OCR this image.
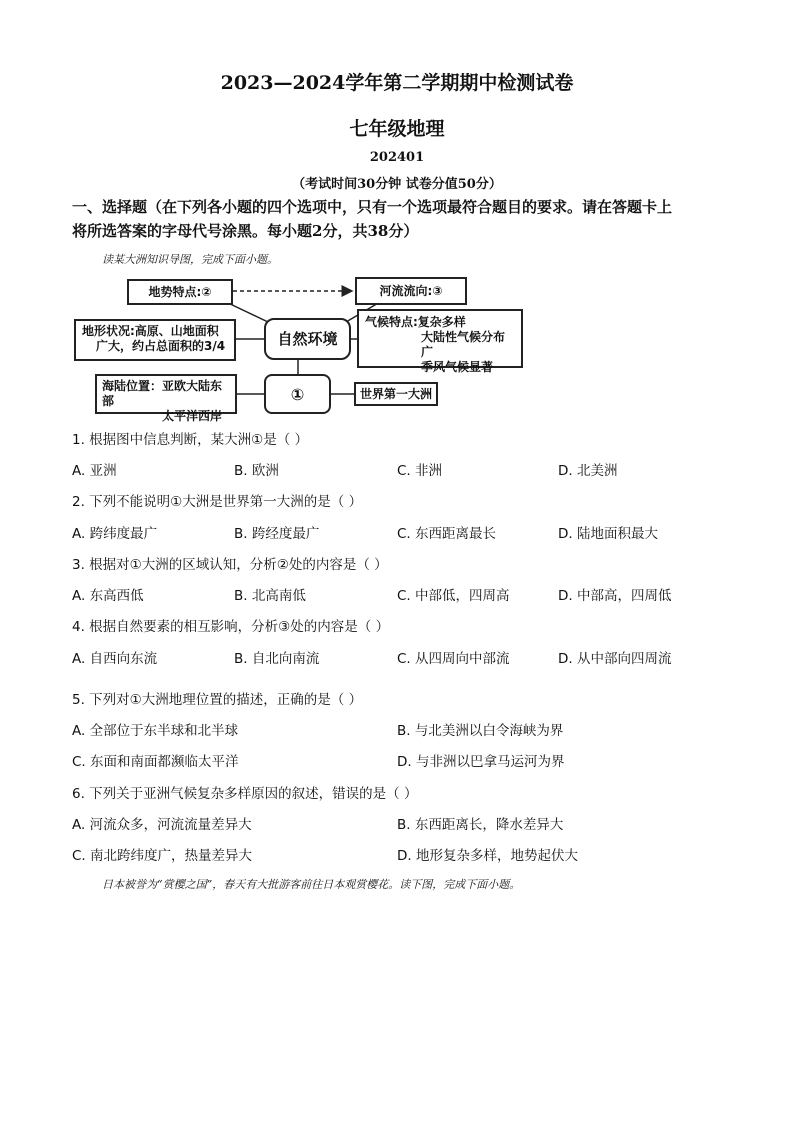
2023—2024学年第二学期期中检测试卷
七年级地理
202401
（考试时间30分钟 试卷分值50分）
一、选择题（在下列各小题的四个选项中，只有一个选项最符合题目的要求。请在答题卡上
将所选答案的字母代号涂黑。每小题2分，共38分）
读某大洲知识导图，完成下面小题。
地势特点:②	河流流向:③
地形状况:高原、山地面积
广大，约占总面积的3/4	自然环境
气候特点:复杂多样
大陆性气候分布广
季风气候显著
海陆位置：亚欧大陆东部
太平洋西岸
①	世界第一大洲
1. 根据图中信息判断，某大洲①是（ ）
A. 亚洲	B. 欧洲	C. 非洲	D. 北美洲
2. 下列不能说明①大洲是世界第一大洲的是（ ）
A. 跨纬度最广	B. 跨经度最广	C. 东西距离最长	D. 陆地面积最大
3. 根据对①大洲的区域认知，分析②处的内容是（ ）
A. 东高西低	B. 北高南低	C. 中部低，四周高	D. 中部高，四周低
4. 根据自然要素的相互影响，分析③处的内容是（ ）
A. 自西向东流	B. 自北向南流	C. 从四周向中部流	D. 从中部向四周流
5. 下列对①大洲地理位置的描述，正确的是（ ）
A. 全部位于东半球和北半球	B. 与北美洲以白令海峡为界
C. 东面和南面都濒临太平洋	D. 与非洲以巴拿马运河为界
6. 下列关于亚洲气候复杂多样原因的叙述，错误的是（ ）
A. 河流众多，河流流量差异大	B. 东西距离长，降水差异大
C. 南北跨纬度广，热量差异大	D. 地形复杂多样，地势起伏大
日本被誉为“赏樱之国”，春天有大批游客前往日本观赏樱花。读下图，完成下面小题。
